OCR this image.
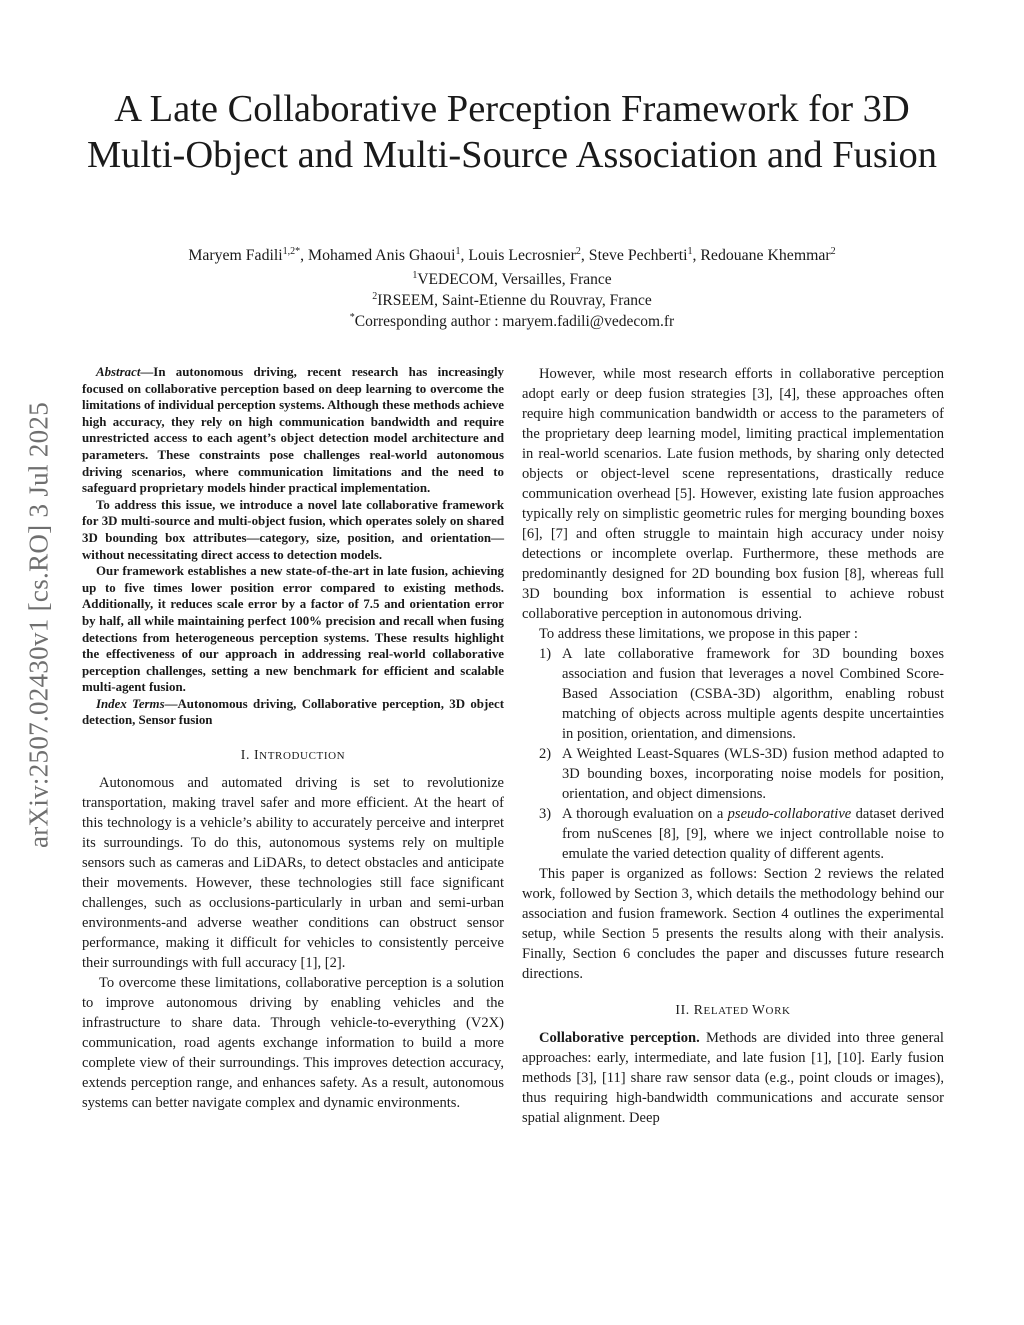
arXiv:2507.02430v1 [cs.RO] 3 Jul 2025
A Late Collaborative Perception Framework for 3D Multi-Object and Multi-Source Association and Fusion
Maryem Fadili$^{1,2*}$, Mohamed Anis Ghaoui$^1$, Louis Lecrosnier$^2$, Steve Pechberti$^1$, Redouane Khemmar$^2$
$^1$VEDECOM, Versailles, France
$^2$IRSEEM, Saint-Etienne du Rouvray, France
*Corresponding author : maryem.fadili@vedecom.fr

Abstract—In autonomous driving, recent research has increasingly focused on collaborative perception based on deep learning to overcome the limitations of individual perception systems. Although these methods achieve high accuracy, they rely on high communication bandwidth and require unrestricted access to each agent’s object detection model architecture and parameters. These constraints pose challenges real-world autonomous driving scenarios, where communication limitations and the need to safeguard proprietary models hinder practical implementation.

To address this issue, we introduce a novel late collaborative framework for 3D multi-source and multi-object fusion, which operates solely on shared 3D bounding box attributes—category, size, position, and orientation—without necessitating direct access to detection models.

Our framework establishes a new state-of-the-art in late fusion, achieving up to five times lower position error compared to existing methods. Additionally, it reduces scale error by a factor of 7.5 and orientation error by half, all while maintaining perfect 100% precision and recall when fusing detections from heterogeneous perception systems. These results highlight the effectiveness of our approach in addressing real-world collaborative perception challenges, setting a new benchmark for efficient and scalable multi-agent fusion.

Index Terms—Autonomous driving, Collaborative perception, 3D object detection, Sensor fusion

I. INTRODUCTION

Autonomous and automated driving is set to revolutionize transportation, making travel safer and more efficient. At the heart of this technology is a vehicle’s ability to accurately perceive and interpret its surroundings. To do this, autonomous systems rely on multiple sensors such as cameras and LiDARs, to detect obstacles and anticipate their movements. However, these technologies still face significant challenges, such as occlusions-particularly in urban and semi-urban environments-and adverse weather conditions can obstruct sensor performance, making it difficult for vehicles to consistently perceive their surroundings with full accuracy [1], [2].

To overcome these limitations, collaborative perception is a solution to improve autonomous driving by enabling vehicles and the infrastructure to share data. Through vehicle-to-everything (V2X) communication, road agents exchange information to build a more complete view of their surroundings. This improves detection accuracy, extends perception range, and enhances safety. As a result, autonomous systems can better navigate complex and dynamic environments.

However, while most research efforts in collaborative perception adopt early or deep fusion strategies [3], [4], these approaches often require high communication bandwidth or access to the parameters of the proprietary deep learning model, limiting practical implementation in real-world scenarios. Late fusion methods, by sharing only detected objects or object-level scene representations, drastically reduce communication overhead [5]. However, existing late fusion approaches typically rely on simplistic geometric rules for merging bounding boxes [6], [7] and often struggle to maintain high accuracy under noisy detections or incomplete overlap. Furthermore, these methods are predominantly designed for 2D bounding box fusion [8], whereas full 3D bounding box information is essential to achieve robust collaborative perception in autonomous driving.

To address these limitations, we propose in this paper :

1) A late collaborative framework for 3D bounding boxes association and fusion that leverages a novel Combined Score-Based Association (CSBA-3D) algorithm, enabling robust matching of objects across multiple agents despite uncertainties in position, orientation, and dimensions.
2) A Weighted Least-Squares (WLS-3D) fusion method adapted to 3D bounding boxes, incorporating noise models for position, orientation, and object dimensions.
3) A thorough evaluation on a pseudo-collaborative dataset derived from nuScenes [8], [9], where we inject controllable noise to emulate the varied detection quality of different agents.

This paper is organized as follows: Section 2 reviews the related work, followed by Section 3, which details the methodology behind our association and fusion framework. Section 4 outlines the experimental setup, while Section 5 presents the results along with their analysis. Finally, Section 6 concludes the paper and discusses future research directions.

II. RELATED WORK

Collaborative perception. Methods are divided into three general approaches: early, intermediate, and late fusion [1], [10]. Early fusion methods [3], [11] share raw sensor data (e.g., point clouds or images), thus requiring high-bandwidth communications and accurate sensor spatial alignment. Deep
